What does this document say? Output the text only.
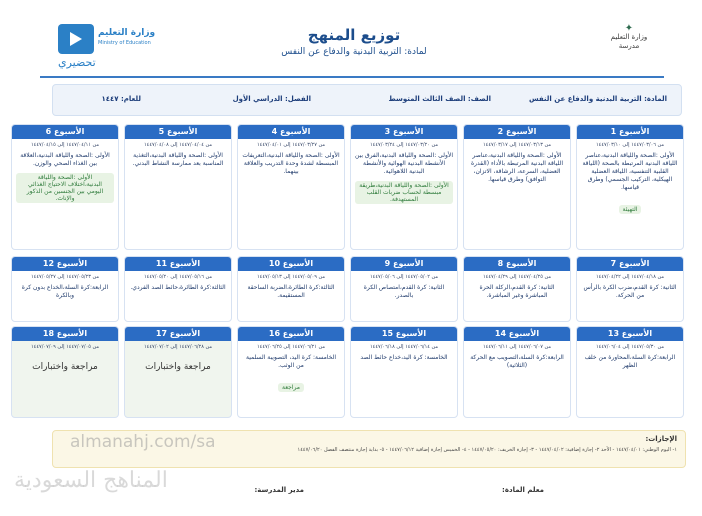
✦
وزارة التعليم
مدرسة
توزيع المنهج
لمادة: التربية البدنية والدفاع عن النفس
وزارة التعليم
Ministry of Education
تحضيري
المادة: التربية البدنية والدفاع عن النفس
الصف: الصف الثالث المتوسط
الفصل: الدراسي الأول
للعام: ١٤٤٧
الأسبوع 1
من ١٤٤٧/٠٣/٠٦ إلى ١٤٤٧/٠٣/١٠
الأولى :الصحة واللياقة البدنية،عناصر اللياقة البدنية المرتبطة بالصحة (اللياقة القلبية التنفسية، اللياقة العضلية الهيكلية، التركيب الجسمي) وطرق قياسها.
التهيئة
الأسبوع 2
من ١٤٤٧/٠٣/١٣ إلى ١٤٤٧/٠٣/١٧
الأولى :الصحة واللياقة البدنية،عناصر اللياقة البدنية المرتبطة بالأداء (القدرة العضلية، السرعة، الرشاقة، الاتزان، التوافق) وطرق قياسها.
الأسبوع 3
من ١٤٤٧/٠٣/٢٠ إلى ١٤٤٧/٠٣/٢٤
الأولى :الصحة واللياقة البدنية،الفرق بين الأنشطة البدنية الهوائية والأنشطة البدنية اللاهوائية.
الأولى :الصحة واللياقة البدنية،طريقة مبسطة لحساب ضربات القلب المستهدفة.
الأسبوع 4
من ١٤٤٧/٠٣/٢٧ إلى ١٤٤٧/٠٤/٠١
الأولى :الصحة واللياقة البدنية،التعريفات المبسطة لشدة وحدة التدريب والعلاقة بينهما.
الأسبوع 5
من ١٤٤٧/٠٤/٠٤ إلى ١٤٤٧/٠٤/٠٨
الأولى :الصحة واللياقة البدنية،التغذية المناسبة بعد ممارسة النشاط البدني.
الأسبوع 6
من ١٤٤٧/٠٤/١١ إلى ١٤٤٧/٠٤/١٥
الأولى :الصحة واللياقة البدنية،العلاقة بين الغذاء الصحي والوزن.
الأولى :الصحة واللياقة البدنية،اختلاف الاحتياج الغذائي اليومي بين الجنسين من الذكور والإناث.
الأسبوع 7
من ١٤٤٧/٠٤/١٨ إلى ١٤٤٧/٠٤/٢٢
الثانية: كرة القدم،ضرب الكرة بالرأس من الحركة.
الأسبوع 8
من ١٤٤٧/٠٤/٢٥ إلى ١٤٤٧/٠٤/٢٩
الثانية: كرة القدم،الركلة الحرة المباشرة وغير المباشرة.
الأسبوع 9
من ١٤٤٧/٠٥/٠٢ إلى ١٤٤٧/٠٥/٠٦
الثانية: كرة القدم،امتصاص الكرة بالصدر.
الأسبوع 10
من ١٤٤٧/٠٥/٠٩ إلى ١٤٤٧/٠٥/١٣
الثالثة:كرة الطائرة،الضربة الساحقة المستقيمة.
الأسبوع 11
من ١٤٤٧/٠٥/١٦ إلى ١٤٤٧/٠٥/٢٠
الثالثة:كرة الطائرة،حائط الصد الفردي.
الأسبوع 12
من ١٤٤٧/٠٥/٢٣ إلى ١٤٤٧/٠٥/٢٧
الرابعة:كرة السلة،الخداع بدون كرة وبالكرة
الأسبوع 13
من ١٤٤٧/٠٥/٣٠ إلى ١٤٤٧/٠٦/٠٤
الرابعة:كرة السلة،المحاورة من خلف الظهر
الأسبوع 14
من ١٤٤٧/٠٦/٠٧ إلى ١٤٤٧/٠٦/١١
الرابعة:كرة السلة،التصويب مع الحركة (الثلاثية)
الأسبوع 15
من ١٤٤٧/٠٦/١٤ إلى ١٤٤٧/٠٦/١٨
الخامسة: كرة اليد،خداع حائط الصد
الأسبوع 16
من ١٤٤٧/٠٦/٢١ إلى ١٤٤٧/٠٦/٢٥
الخامسة: كرة اليد، التصويبة السلمية من الوثب.
مراجعة
الأسبوع 17
من ١٤٤٧/٠٦/٢٨ إلى ١٤٤٧/٠٧/٠٢
مراجعة واختبارات
الأسبوع 18
من ١٤٤٧/٠٧/٠٥ إلى ١٤٤٧/٠٧/٠٩
مراجعة واختبارات
الإجازات:
١- اليوم الوطني: ١٤٤٧/٠٤/٠١ - الأحد ٢- إجازة إضافية: ١٤٤٧/٠٤/٠٢ - ٣- إجازة الخريف: ١٤٤٧/٠٥/٢٠ - ٤- الخميس إجازة إضافية ١٤٤٧/٠٦/١٢ - ٥- بداية إجازة منتصف الفصل ١٤٤٧/٠٦/٢٠
معلم المادة:
مدير المدرسة:
almanahj.com/sa
المناهج السعودية
